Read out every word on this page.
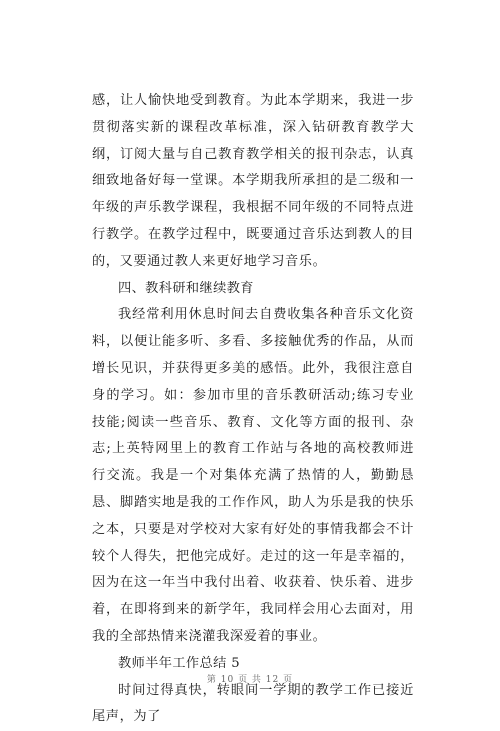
感，让人愉快地受到教育。为此本学期来，我进一步贯彻落实新的课程改革标准，深入钻研教育教学大纲，订阅大量与自己教育教学相关的报刊杂志，认真细致地备好每一堂课。本学期我所承担的是二级和一年级的声乐教学课程，我根据不同年级的不同特点进行教学。在教学过程中，既要通过音乐达到教人的目的，又要通过教人来更好地学习音乐。

四、教科研和继续教育

我经常利用休息时间去自费收集各种音乐文化资料，以便让能多听、多看、多接触优秀的作品，从而增长见识，并获得更多美的感悟。此外，我很注意自身的学习。如：参加市里的音乐教研活动;练习专业技能;阅读一些音乐、教育、文化等方面的报刊、杂志;上英特网里上的教育工作站与各地的高校教师进行交流。我是一个对集体充满了热情的人，勤勤恳恳、脚踏实地是我的工作作风，助人为乐是我的快乐之本，只要是对学校对大家有好处的事情我都会不计较个人得失，把他完成好。走过的这一年是幸福的，因为在这一年当中我付出着、收获着、快乐着、进步着，在即将到来的新学年，我同样会用心去面对，用我的全部热情来浇灌我深爱着的事业。

教师半年工作总结 5

时间过得真快，转眼间一学期的教学工作已接近尾声，为了

第 10 页 共 12 页
